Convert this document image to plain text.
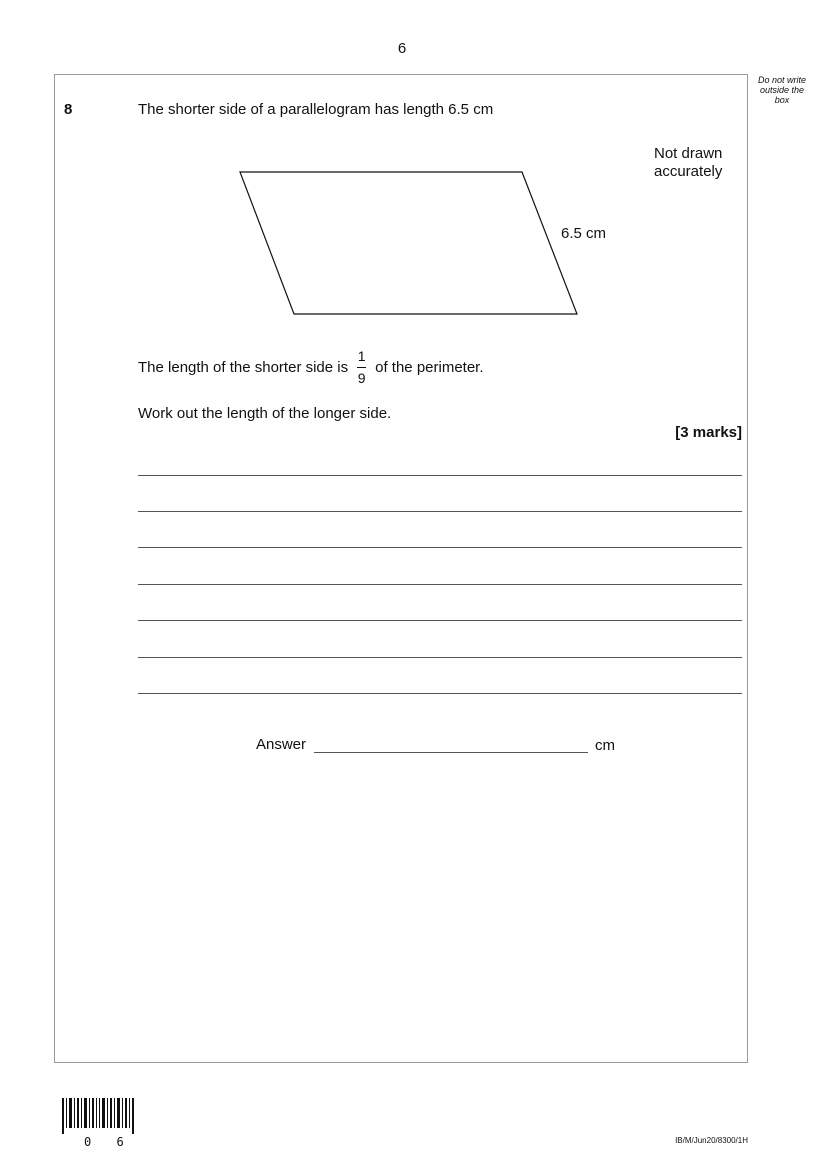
6
Do not write outside the box
8	The shorter side of a parallelogram has length 6.5 cm
Not drawn accurately
6.5 cm
The length of the shorter side is $\frac{1}{9}$ of the perimeter.
Work out the length of the longer side.
[3 marks]
Answer	cm
0 6	IB/M/Jun20/8300/1H
